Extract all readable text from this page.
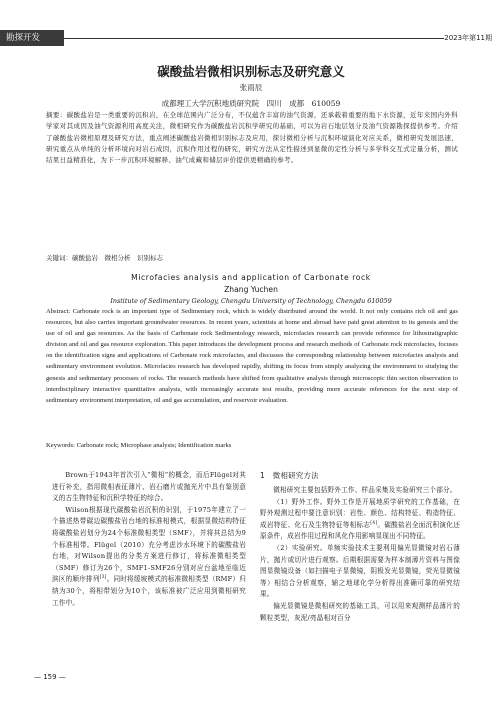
勘探开发	2023年第11期
碳酸盐岩微相识别标志及研究意义
张雨辰
成都理工大学沉积地质研究院　四川　成都　610059
摘要：碳酸盐岩是一类重要的沉积岩，在全球范围内广泛分布，不仅蕴含丰富的油气资源，还承载着重要的地下水资源，近年来国内外科学家对其成因及油气资源利用高度关注，微相研究作为碳酸盐岩沉积学研究的基础，可以为岩石地层划分及油气资源勘探提供参考。介绍了碳酸盐岩微相原理及研究方法，重点阐述碳酸盐岩微相识别标志及应用，探讨微相分析与沉积环境演化对应关系，微相研究发展迅速，研究重点从单纯的分析环境向对岩石成因，沉积作用过程的研究，研究方法从定性描述到显微的定性分析与多学科交互式定量分析，测试结果日益精准化，为下一步沉积环境解释、油气成藏和储层评价提供更精确的参考。
关键词：碳酸盐岩　微相分析　识别标志
Microfacies analysis and application of Carbonate rock
Zhang Yuchen
Institute of Sedimentary Geology, Chengdu University of Technology, Chengdu 610059
Abstract: Carbonate rock is an important type of Sedimentary rock, which is widely distributed around the world. It not only contains rich oil and gas resources, but also carries important groundwater resources. In recent years, scientists at home and abroad have paid great attention to its genesis and the use of oil and gas resources. As the basis of Carbonate rock Sedimentology research, microfacies research can provide reference for lithostratigraphic division and oil and gas resource exploration. This paper introduces the development process and research methods of Carbonate rock microfacies, focuses on the identification signs and applications of Carbonate rock microfacies, and discusses the corresponding relationship between microfacies analysis and sedimentary environment evolution. Microfacies research has developed rapidly, shifting its focus from simply analyzing the environment to studying the genesis and sedimentary processes of rocks. The research methods have shifted from qualitative analysis through microscopic thin section observation to interdisciplinary interactive quantitative analysis, with increasingly accurate test results, providing more accurate references for the next step of sedimentary environment interpretation, oil and gas accumulation, and reservoir evaluation.
Keywords: Carbonate rock; Microphase analysis; Identification marks

Brown于1943年首次引入“微相”的概念，而后Flügel对其进行补充，指用微相表征薄片、岩石磨片或抛光片中具有鉴别意义的古生物特征和沉积学特征的综合。

Wilson根据现代碳酸盐岩沉积的识别，于1975年建立了一个描述热带碳边碳酸盐岩台地的标准相模式，根据显微结构特征将碳酸盐岩划分为24个标准微相类型（SMF），并将其总结为9个标准相带。Flügel（2010）充分考虑沙水环境下的碳酸盐岩台地，对Wilson提出的分类方案进行修订，将标准微相类型（SMF）修订为26个，SMF1-SMF26分别对应台盆地至临近滨区的顺序排列[3]。同时将缓坡模式的标准微相类型（RMF）归纳为30个，将相带划分为10个，该标准被广泛应用到微相研究工作中。

1　微相研究方法

微相研究主要包括野外工作、样品采集及实验研究三个部分。

（1）野外工作。野外工作是开展地质学研究的工作基础，在野外观测过程中要注意识别：岩性、颜色、结构特征、构造特征、成岩特征、化石及生物特征等相标志[4]。碳酸盐岩全面沉积演化还原条件，成岩作用过程和风化作用影响显现出不同特征。

（2）实验研究。单频实验技术主要利用偏光显微镜对岩石薄片，抛片或切片进行观察。后期根据需要为样本制薄片资料与图像图显微镜设备（如扫描电子显微镜，阴极发光显微镜，荧光显微镜等）相结合分析观察，辅之地球化学分析得出准确可靠的研究结果。

偏光显微镜是微相研究的基础工具，可以用来观测样品薄片的颗粒类型，灰泥/亮晶相对百分

— 159 —
